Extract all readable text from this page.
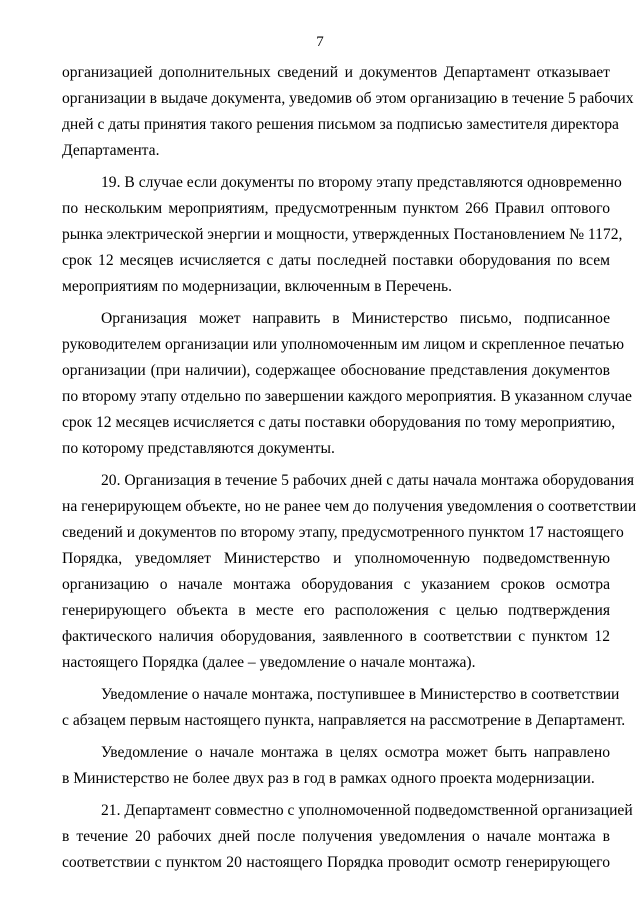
7
организацией дополнительных сведений и документов Департамент отказывает
организации в выдаче документа, уведомив об этом организацию в течение 5 рабочих
дней с даты принятия такого решения письмом за подписью заместителя директора
Департамента.
19. В случае если документы по второму этапу представляются одновременно
по нескольким мероприятиям, предусмотренным пунктом 266 Правил оптового
рынка электрической энергии и мощности, утвержденных Постановлением № 1172,
срок 12 месяцев исчисляется с даты последней поставки оборудования по всем
мероприятиям по модернизации, включенным в Перечень.
Организация может направить в Министерство письмо, подписанное
руководителем организации или уполномоченным им лицом и скрепленное печатью
организации (при наличии), содержащее обоснование представления документов
по второму этапу отдельно по завершении каждого мероприятия. В указанном случае
срок 12 месяцев исчисляется с даты поставки оборудования по тому мероприятию,
по которому представляются документы.
20. Организация в течение 5 рабочих дней с даты начала монтажа оборудования
на генерирующем объекте, но не ранее чем до получения уведомления о соответствии
сведений и документов по второму этапу, предусмотренного пунктом 17 настоящего
Порядка, уведомляет Министерство и уполномоченную подведомственную
организацию о начале монтажа оборудования с указанием сроков осмотра
генерирующего объекта в месте его расположения с целью подтверждения
фактического наличия оборудования, заявленного в соответствии с пунктом 12
настоящего Порядка (далее – уведомление о начале монтажа).
Уведомление о начале монтажа, поступившее в Министерство в соответствии
с абзацем первым настоящего пункта, направляется на рассмотрение в Департамент.
Уведомление о начале монтажа в целях осмотра может быть направлено
в Министерство не более двух раз в год в рамках одного проекта модернизации.
21. Департамент совместно с уполномоченной подведомственной организацией
в течение 20 рабочих дней после получения уведомления о начале монтажа в
соответствии с пунктом 20 настоящего Порядка проводит осмотр генерирующего
